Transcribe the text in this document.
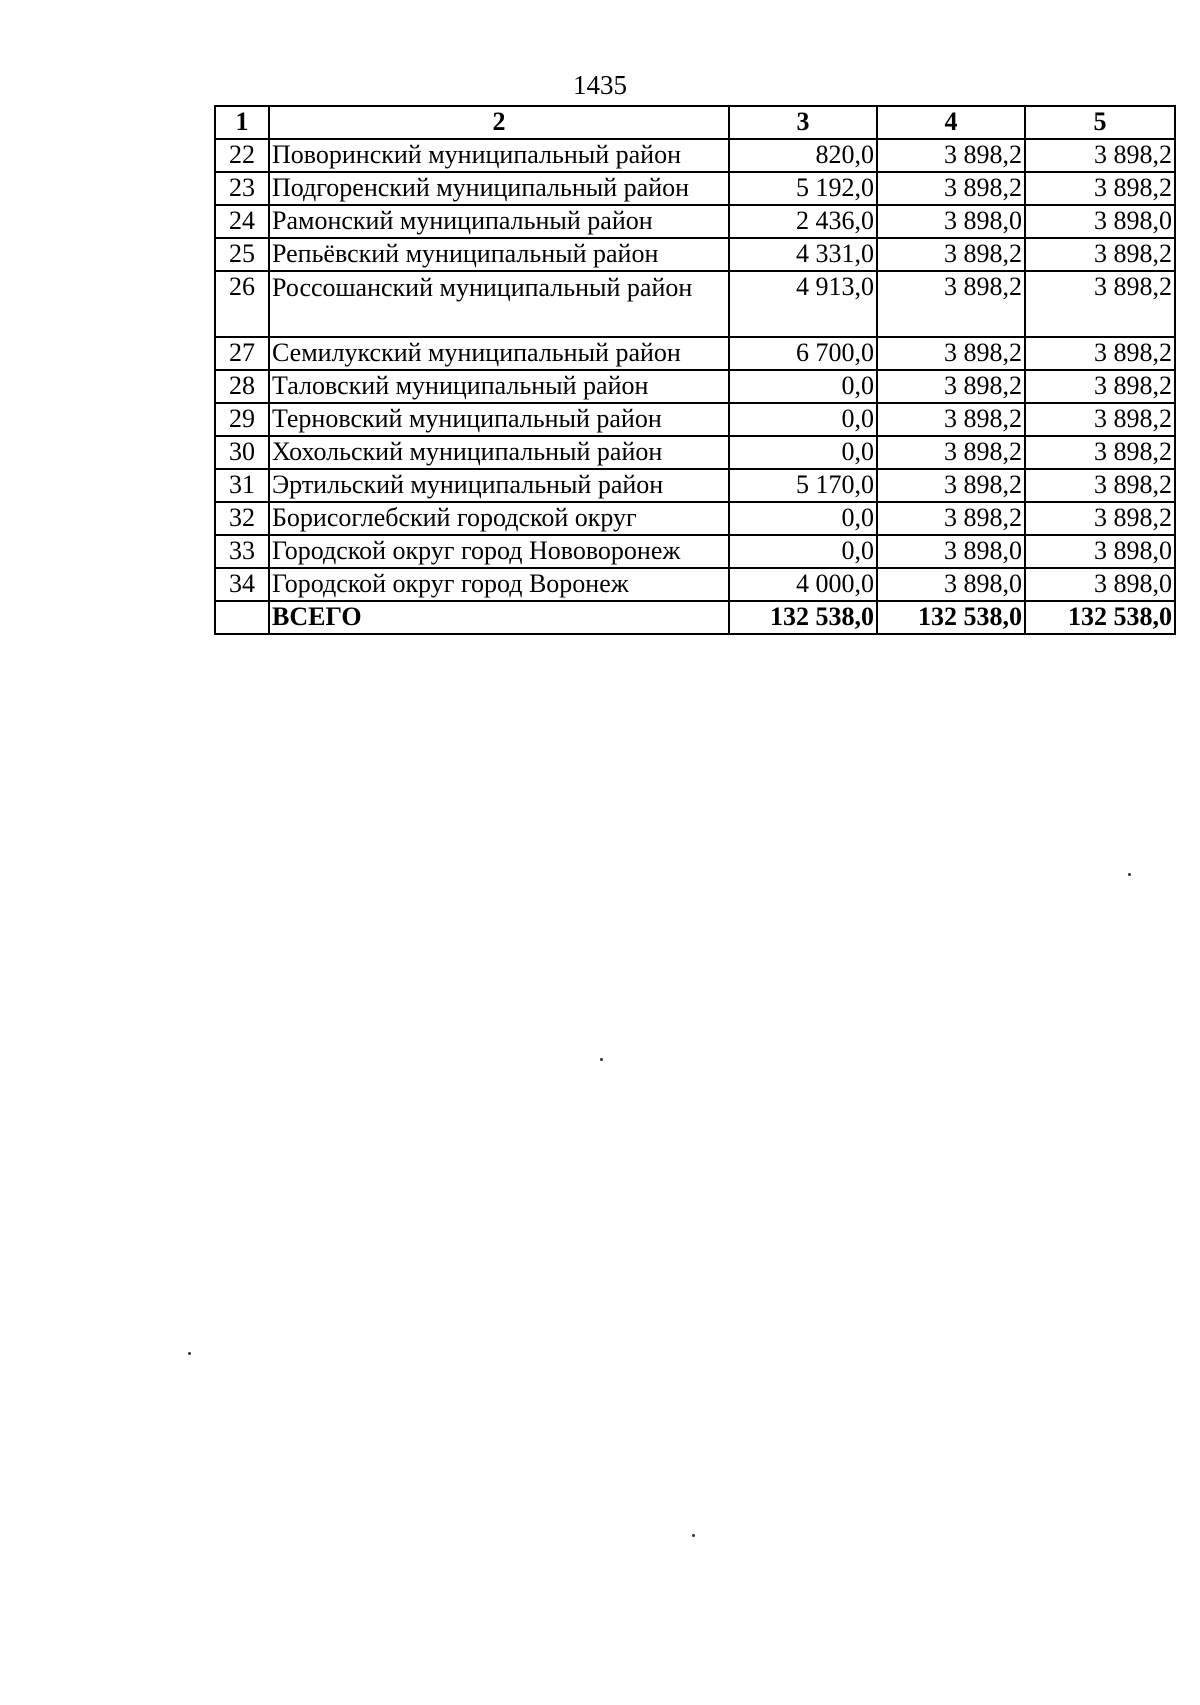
1435
1	2	3	4	5
22	Поворинский муниципальный район	820,0	3 898,2	3 898,2
23	Подгоренский муниципальный район	5 192,0	3 898,2	3 898,2
24	Рамонский муниципальный район	2 436,0	3 898,0	3 898,0
25	Репьёвский муниципальный район	4 331,0	3 898,2	3 898,2
26	Россошанский муниципальный район	4 913,0	3 898,2	3 898,2
27	Семилукский муниципальный район	6 700,0	3 898,2	3 898,2
28	Таловский муниципальный район	0,0	3 898,2	3 898,2
29	Терновский муниципальный район	0,0	3 898,2	3 898,2
30	Хохольский муниципальный район	0,0	3 898,2	3 898,2
31	Эртильский муниципальный район	5 170,0	3 898,2	3 898,2
32	Борисоглебский городской округ	0,0	3 898,2	3 898,2
33	Городской округ город Нововоронеж	0,0	3 898,0	3 898,0
34	Городской округ город Воронеж	4 000,0	3 898,0	3 898,0
	ВСЕГО	132 538,0	132 538,0	132 538,0
